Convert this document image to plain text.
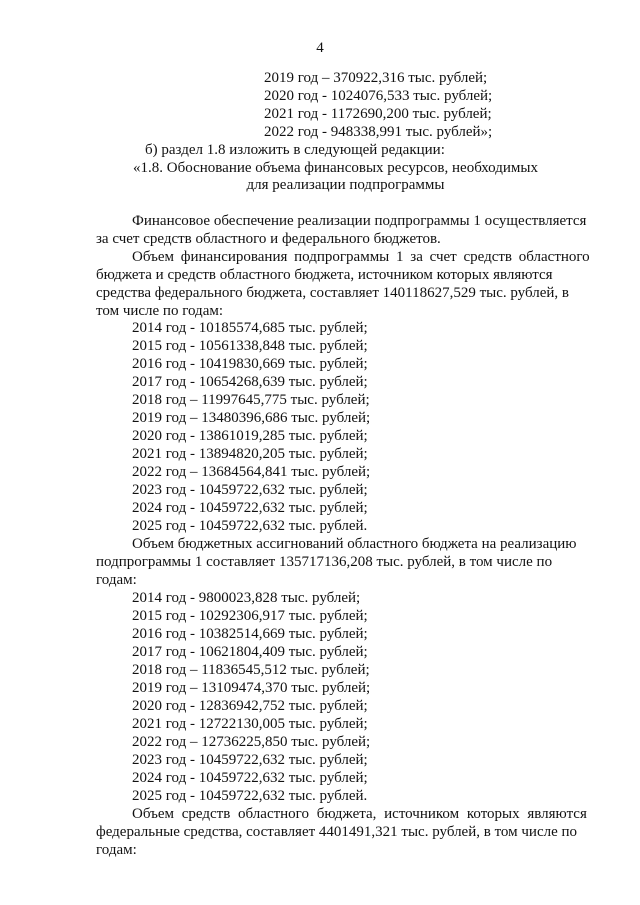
4
2019 год – 370922,316 тыс. рублей;
2020 год - 1024076,533 тыс. рублей;
2021 год - 1172690,200 тыс. рублей;
2022 год - 948338,991 тыс. рублей»;
б) раздел 1.8 изложить в следующей редакции:
«1.8. Обоснование объема финансовых ресурсов, необходимых
для реализации подпрограммы
Финансовое обеспечение реализации подпрограммы 1 осуществляется
за счет средств областного и федерального бюджетов.
Объем финансирования подпрограммы 1 за счет средств областного
бюджета и средств областного бюджета, источником которых являются
средства федерального бюджета, составляет 140118627,529 тыс. рублей, в
том числе по годам:
2014 год - 10185574,685 тыс. рублей;
2015 год - 10561338,848 тыс. рублей;
2016 год - 10419830,669 тыс. рублей;
2017 год - 10654268,639 тыс. рублей;
2018 год – 11997645,775 тыс. рублей;
2019 год – 13480396,686 тыс. рублей;
2020 год - 13861019,285 тыс. рублей;
2021 год - 13894820,205 тыс. рублей;
2022 год – 13684564,841 тыс. рублей;
2023 год - 10459722,632 тыс. рублей;
2024 год - 10459722,632 тыс. рублей;
2025 год - 10459722,632 тыс. рублей.
Объем бюджетных ассигнований областного бюджета на реализацию
подпрограммы 1 составляет 135717136,208 тыс. рублей, в том числе по
годам:
2014 год - 9800023,828 тыс. рублей;
2015 год - 10292306,917 тыс. рублей;
2016 год - 10382514,669 тыс. рублей;
2017 год - 10621804,409 тыс. рублей;
2018 год – 11836545,512 тыс. рублей;
2019 год – 13109474,370 тыс. рублей;
2020 год - 12836942,752 тыс. рублей;
2021 год - 12722130,005 тыс. рублей;
2022 год – 12736225,850 тыс. рублей;
2023 год - 10459722,632 тыс. рублей;
2024 год - 10459722,632 тыс. рублей;
2025 год - 10459722,632 тыс. рублей.
Объем средств областного бюджета, источником которых являются
федеральные средства, составляет 4401491,321 тыс. рублей, в том числе по
годам:
